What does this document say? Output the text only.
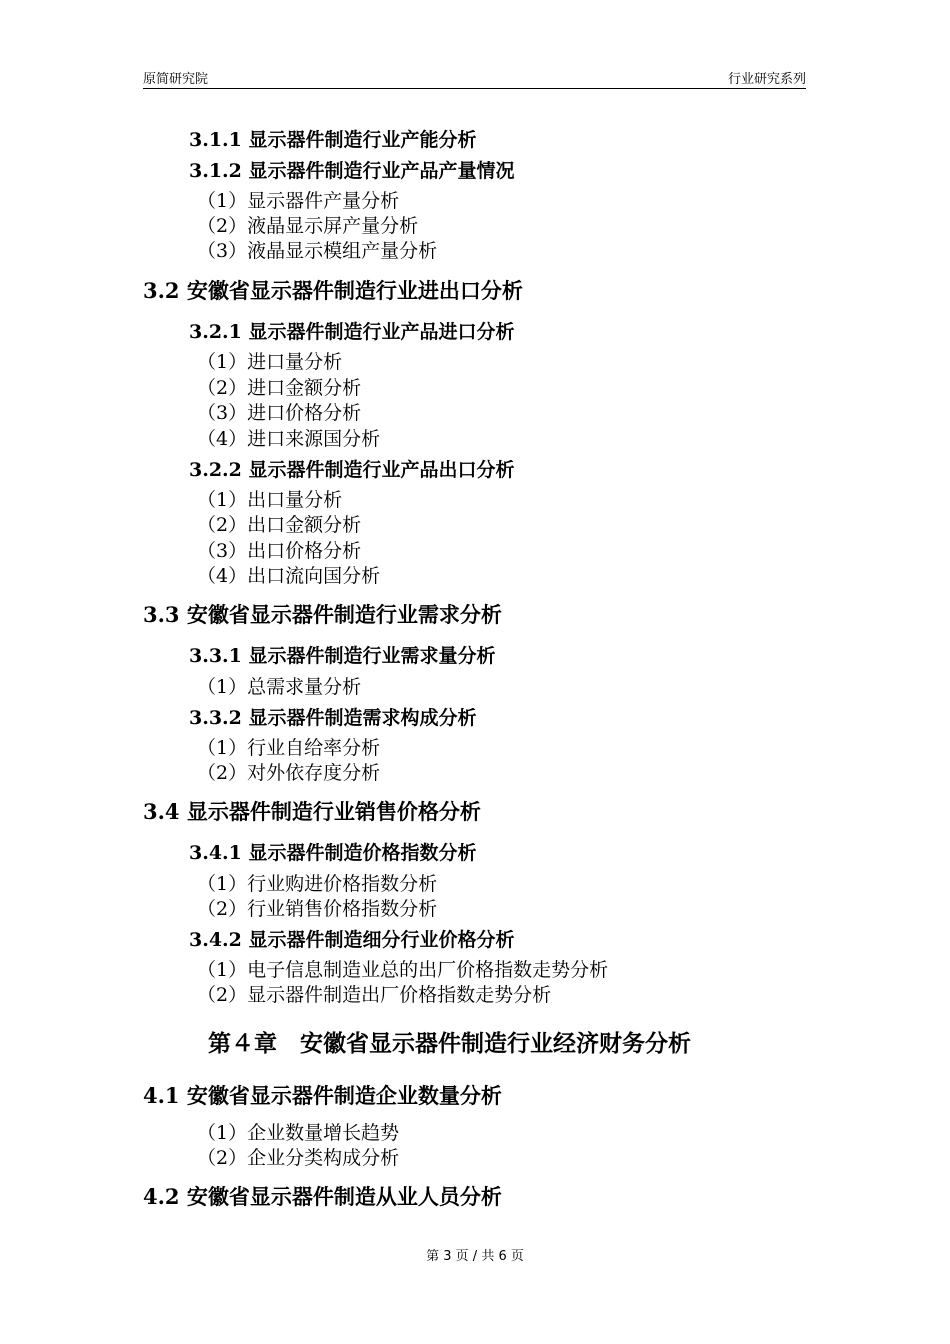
原简研究院	行业研究系列
3.1.1 显示器件制造行业产能分析
3.1.2 显示器件制造行业产品产量情况
（1）显示器件产量分析
（2）液晶显示屏产量分析
（3）液晶显示模组产量分析
3.2 安徽省显示器件制造行业进出口分析
3.2.1 显示器件制造行业产品进口分析
（1）进口量分析
（2）进口金额分析
（3）进口价格分析
（4）进口来源国分析
3.2.2 显示器件制造行业产品出口分析
（1）出口量分析
（2）出口金额分析
（3）出口价格分析
（4）出口流向国分析
3.3 安徽省显示器件制造行业需求分析
3.3.1 显示器件制造行业需求量分析
（1）总需求量分析
3.3.2 显示器件制造需求构成分析
（1）行业自给率分析
（2）对外依存度分析
3.4 显示器件制造行业销售价格分析
3.4.1 显示器件制造价格指数分析
（1）行业购进价格指数分析
（2）行业销售价格指数分析
3.4.2 显示器件制造细分行业价格分析
（1）电子信息制造业总的出厂价格指数走势分析
（2）显示器件制造出厂价格指数走势分析
第４章　安徽省显示器件制造行业经济财务分析
4.1 安徽省显示器件制造企业数量分析
（1）企业数量增长趋势
（2）企业分类构成分析
4.2 安徽省显示器件制造从业人员分析
第 3 页 / 共 6 页
